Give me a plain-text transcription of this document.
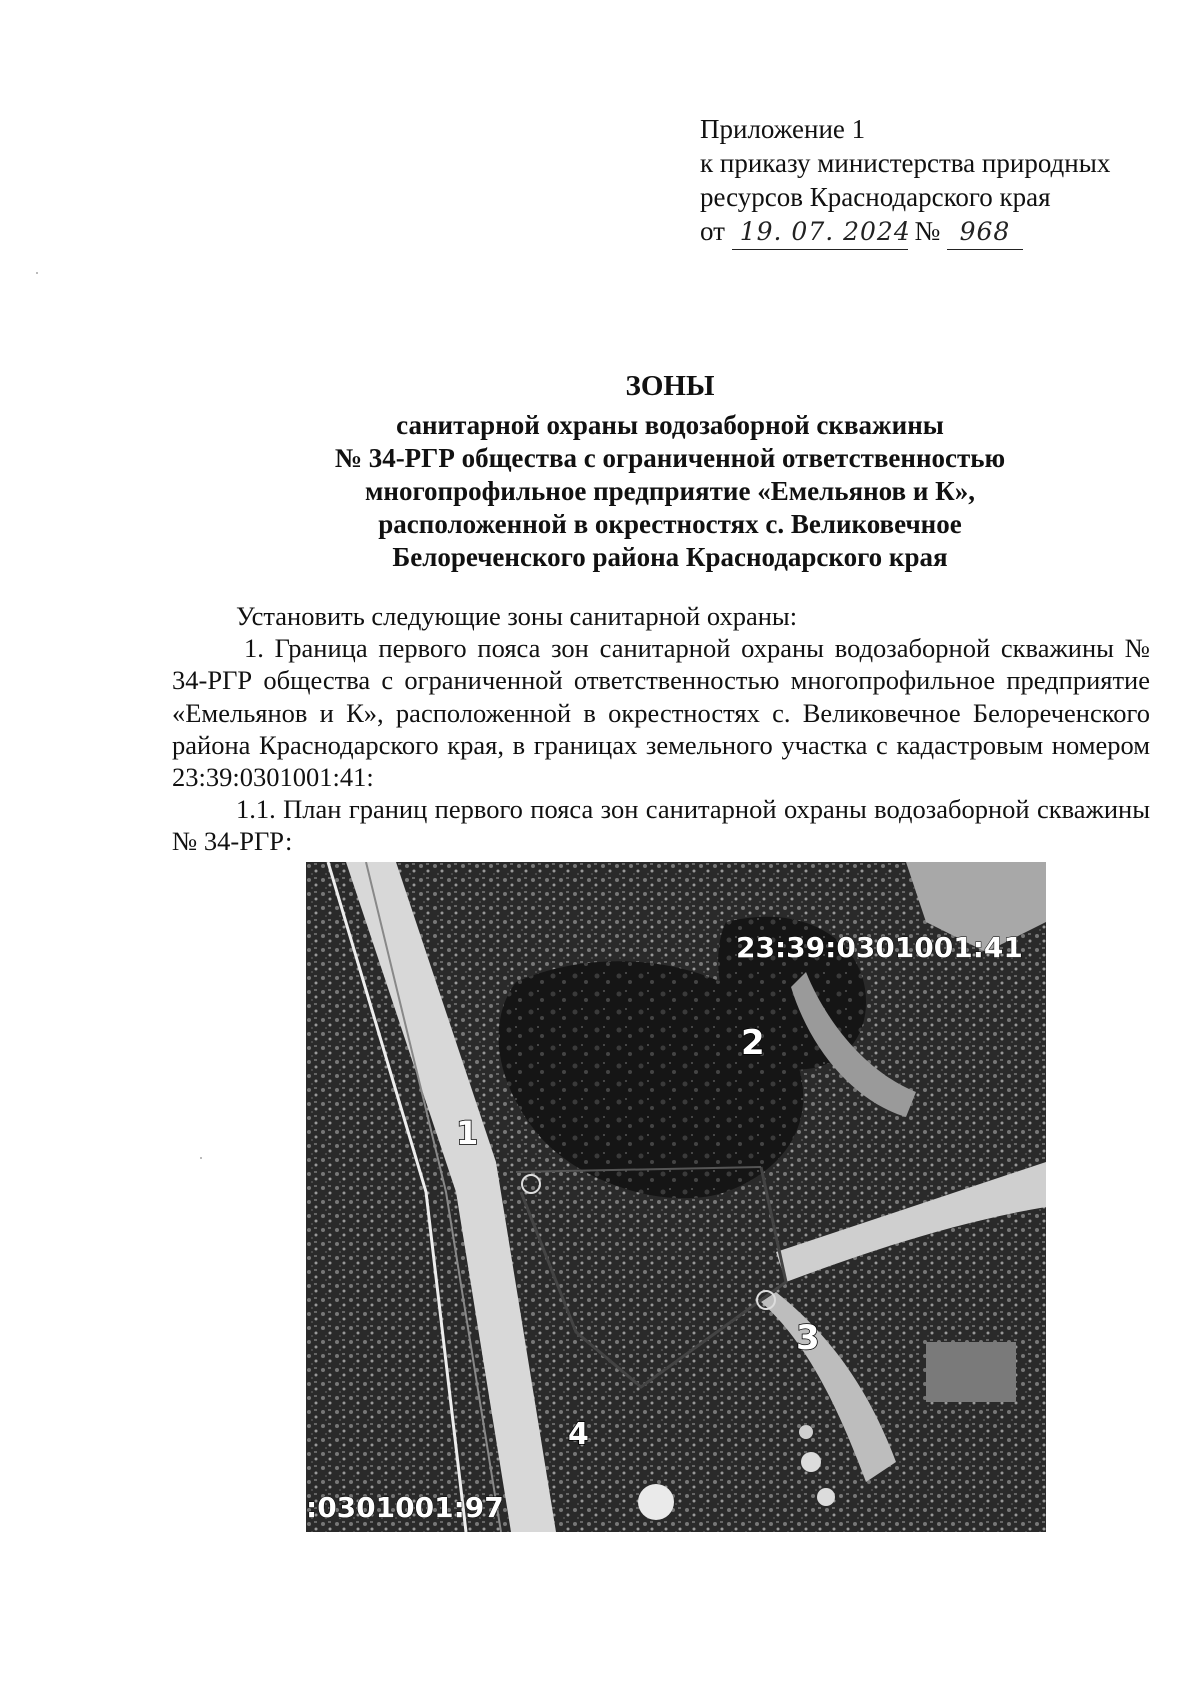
Приложение 1
к приказу министерства природных
ресурсов Краснодарского края
от 19. 07. 2024 № 968
ЗОНЫ
санитарной охраны водозаборной скважины
№ 34-РГР общества с ограниченной ответственностью
многопрофильное предприятие «Емельянов и К»,
расположенной в окрестностях с. Великовечное
Белореченского района Краснодарского края

Установить следующие зоны санитарной охраны:

1. Граница первого пояса зон санитарной охраны водозаборной скважины № 34-РГР общества с ограниченной ответственностью многопрофильное предприятие «Емельянов и К», расположенной в окрестностях с. Великовечное Белореченского района Краснодарского края, в границах земельного участка с кадастровым номером 23:39:0301001:41:

1.1. План границ первого пояса зон санитарной охраны водозаборной скважины № 34-РГР:

23:39:0301001:41
:0301001:97
1
2
3
4
